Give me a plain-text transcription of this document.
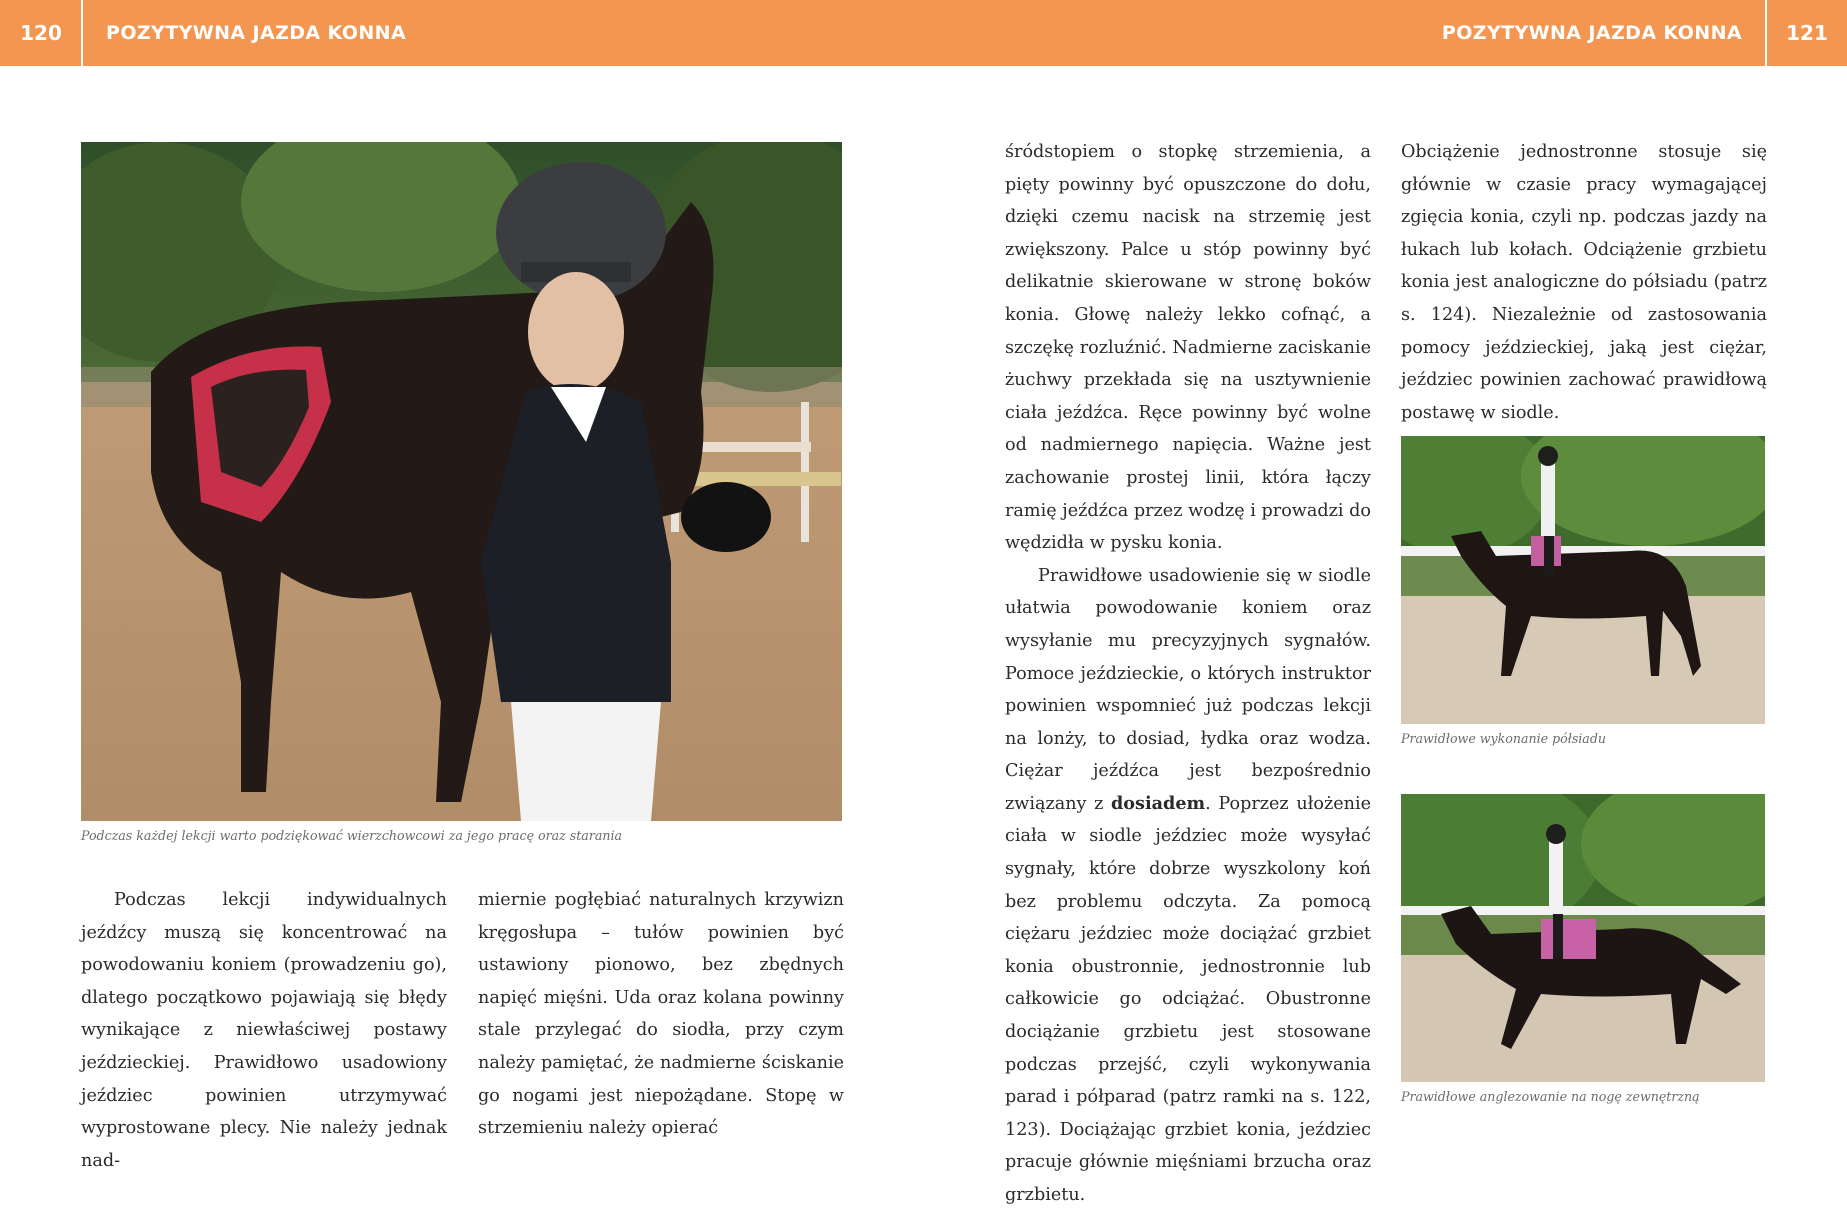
120	POZYTYWNA JAZDA KONNA	POZYTYWNA JAZDA KONNA	121

Podczas każdej lekcji warto podziękować wierzchowcowi za jego pracę oraz starania

Podczas lekcji indywidualnych jeźdźcy muszą się koncentrować na powodowaniu koniem (prowadzeniu go), dlatego początkowo pojawiają się błędy wynikające z niewłaściwej postawy jeździeckiej. Prawidłowo usadowiony jeździec powinien utrzymywać wyprostowane plecy. Nie należy jednak nad-

miernie pogłębiać naturalnych krzywizn kręgosłupa – tułów powinien być ustawiony pionowo, bez zbędnych napięć mięśni. Uda oraz kolana powinny stale przylegać do siodła, przy czym należy pamiętać, że nadmierne ściskanie go nogami jest niepożądane. Stopę w strzemieniu należy opierać

śródstopiem o stopkę strzemienia, a pięty powinny być opuszczone do dołu, dzięki czemu nacisk na strzemię jest zwiększony. Palce u stóp powinny być delikatnie skierowane w stronę boków konia. Głowę należy lekko cofnąć, a szczękę rozluźnić. Nadmierne zaciskanie żuchwy przekłada się na usztywnienie ciała jeźdźca. Ręce powinny być wolne od nadmiernego napięcia. Ważne jest zachowanie prostej linii, która łączy ramię jeźdźca przez wodzę i prowadzi do wędzidła w pysku konia.

Prawidłowe usadowienie się w siodle ułatwia powodowanie koniem oraz wysyłanie mu precyzyjnych sygnałów. Pomoce jeździeckie, o których instruktor powinien wspomnieć już podczas lekcji na lonży, to dosiad, łydka oraz wodza. Ciężar jeźdźca jest bezpośrednio związany z dosiadem. Poprzez ułożenie ciała w siodle jeździec może wysyłać sygnały, które dobrze wyszkolony koń bez problemu odczyta. Za pomocą ciężaru jeździec może dociążać grzbiet konia obustronnie, jednostronnie lub całkowicie go odciążać. Obustronne dociążanie grzbietu jest stosowane podczas przejść, czyli wykonywania parad i półparad (patrz ramki na s. 122, 123). Dociążając grzbiet konia, jeździec pracuje głównie mięśniami brzucha oraz grzbietu.

Obciążenie jednostronne stosuje się głównie w czasie pracy wymagającej zgięcia konia, czyli np. podczas jazdy na łukach lub kołach. Odciążenie grzbietu konia jest analogiczne do półsiadu (patrz s. 124). Niezależnie od zastosowania pomocy jeździeckiej, jaką jest ciężar, jeździec powinien zachować prawidłową postawę w siodle.

Prawidłowe wykonanie półsiadu

Prawidłowe anglezowanie na nogę zewnętrzną
